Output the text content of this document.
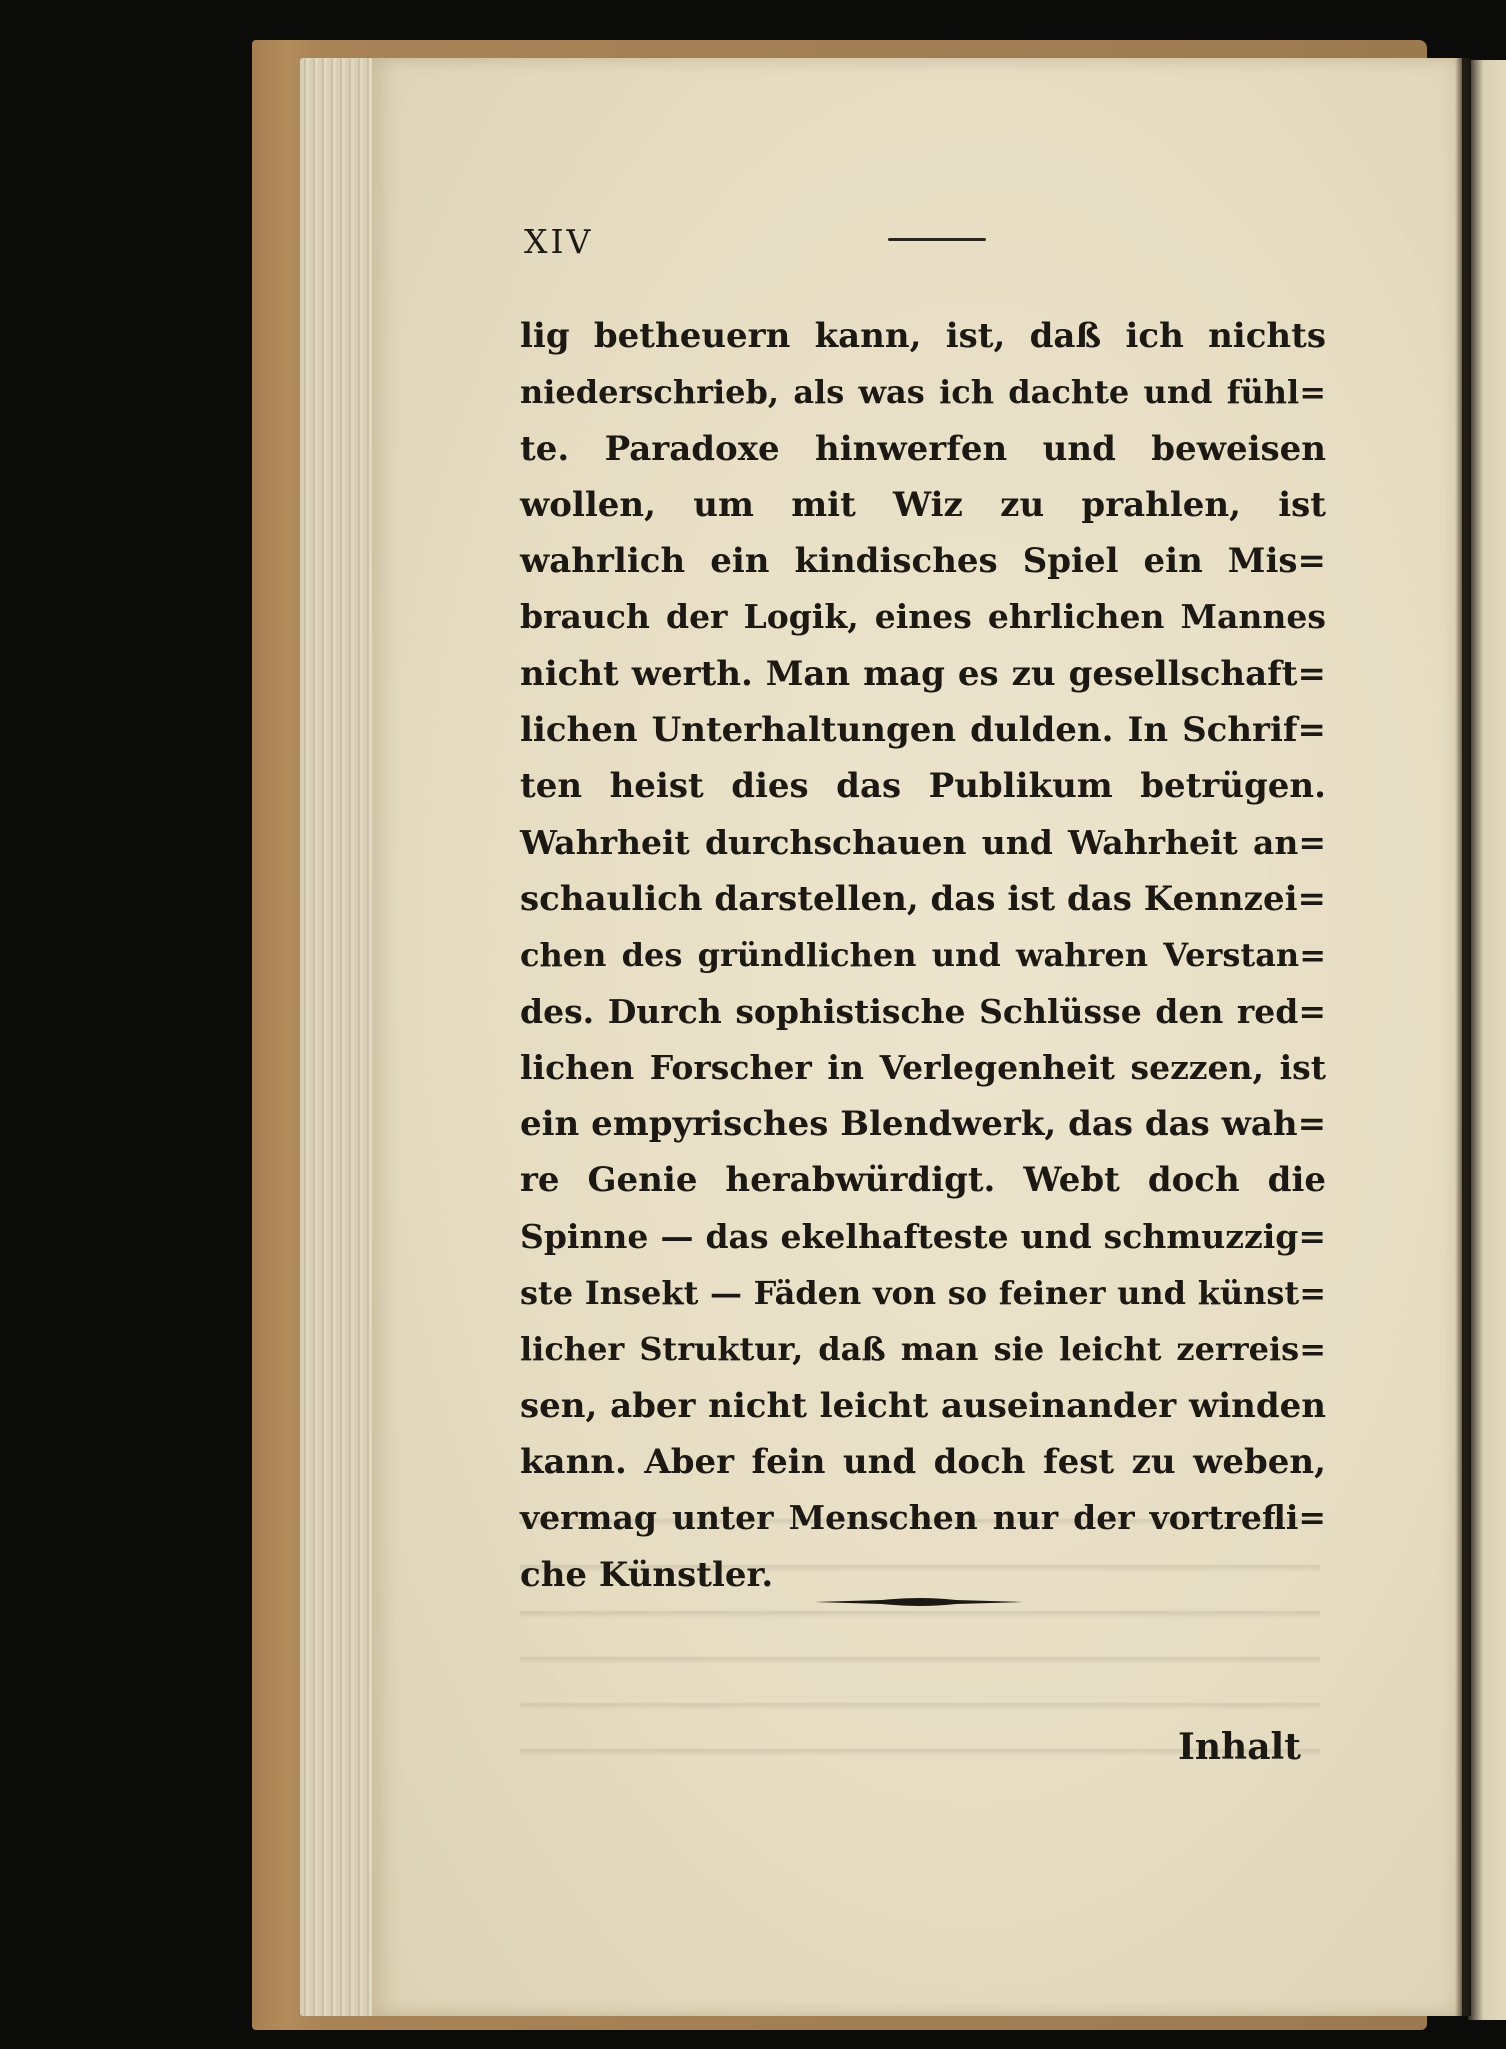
XIV
lig betheuern kann, ist, daß ich nichts
niederschrieb, als was ich dachte und fühl=
te. Paradoxe hinwerfen und beweisen
wollen, um mit Wiz zu prahlen, ist
wahrlich ein kindisches Spiel ein Mis=
brauch der Logik, eines ehrlichen Mannes
nicht werth. Man mag es zu gesellschaft=
lichen Unterhaltungen dulden. In Schrif=
ten heist dies das Publikum betrügen.
Wahrheit durchschauen und Wahrheit an=
schaulich darstellen, das ist das Kennzei=
chen des gründlichen und wahren Verstan=
des. Durch sophistische Schlüsse den red=
lichen Forscher in Verlegenheit sezzen, ist
ein empyrisches Blendwerk, das das wah=
re Genie herabwürdigt. Webt doch die
Spinne — das ekelhafteste und schmuzzig=
ste Insekt — Fäden von so feiner und künst=
licher Struktur, daß man sie leicht zerreis=
sen, aber nicht leicht auseinander winden
kann. Aber fein und doch fest zu weben,
vermag unter Menschen nur der vortrefli=
che Künstler.
Inhalt
